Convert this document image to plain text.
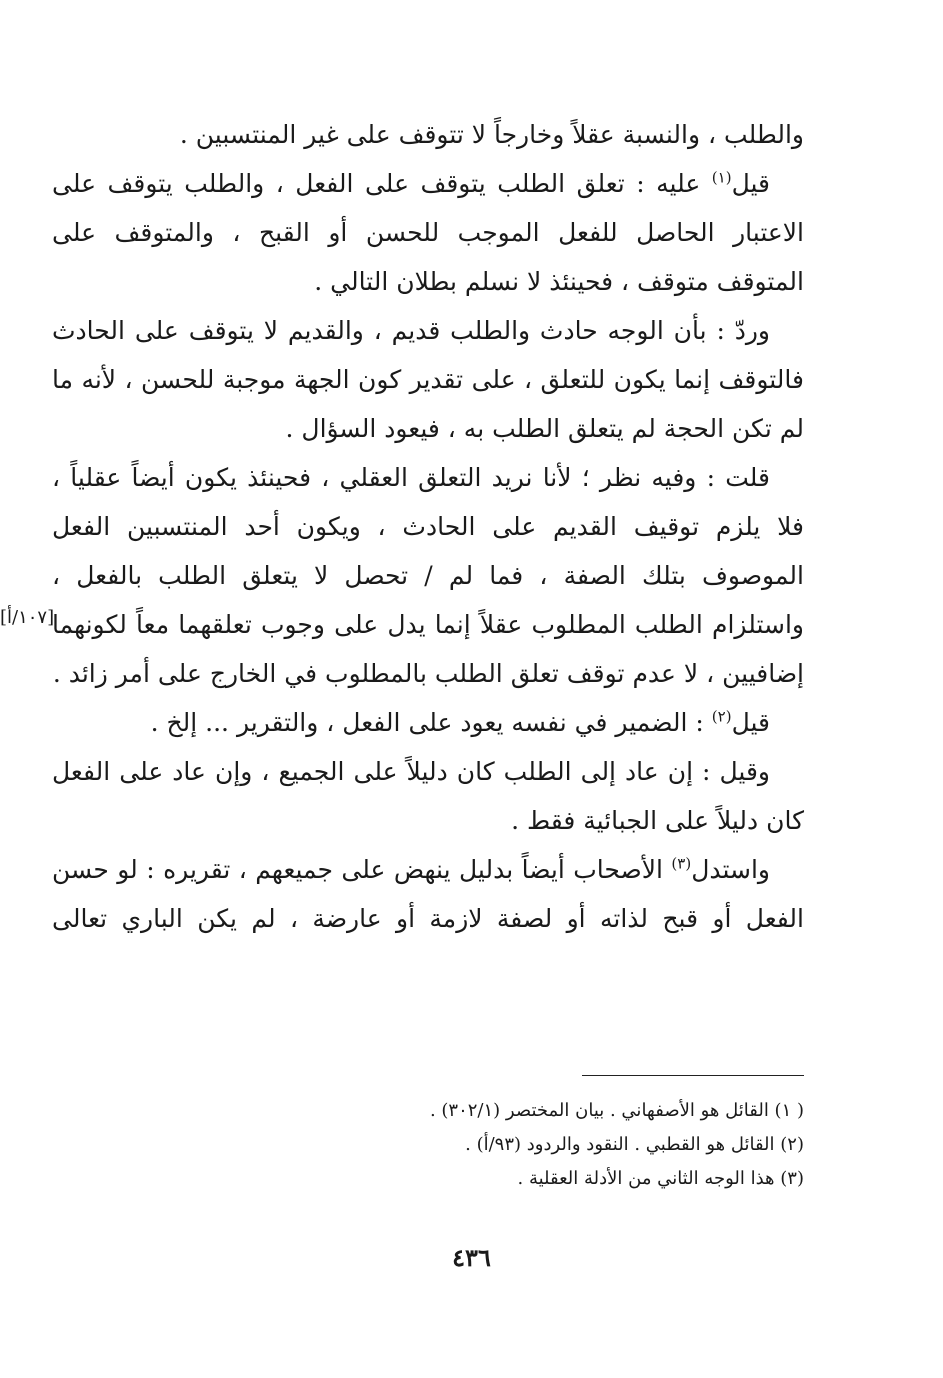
والطلب ، والنسبة عقلاً وخارجاً لا تتوقف على غير المنتسبين .

قيل$^{(١)}$ عليه : تعلق الطلب يتوقف على الفعل ، والطلب يتوقف على الاعتبار الحاصل للفعل الموجب للحسن أو القبح ، والمتوقف على المتوقف متوقف ، فحينئذ لا نسلم بطلان التالي .

وردّ : بأن الوجه حادث والطلب قديم ، والقديم لا يتوقف على الحادث فالتوقف إنما يكون للتعلق ، على تقدير كون الجهة موجبة للحسن ، لأنه ما لم تكن الحجة لم يتعلق الطلب به ، فيعود السؤال .

قلت : وفيه نظر ؛ لأنا نريد التعلق العقلي ، فحينئذ يكون أيضاً عقلياً ، فلا يلزم توقيف القديم على الحادث ، ويكون أحد المنتسبين الفعل الموصوف بتلك الصفة ، فما لم / تحصل لا يتعلق الطلب بالفعل ، واستلزام الطلب المطلوب عقلاً إنما يدل على وجوب تعلقهما معاً لكونهما إضافيين ، لا عدم توقف تعلق الطلب بالمطلوب في الخارج على أمر زائد .

قيل$^{(٢)}$ : الضمير في نفسه يعود على الفعل ، والتقرير ... إلخ .

وقيل : إن عاد إلى الطلب كان دليلاً على الجميع ، وإن عاد على الفعل كان دليلاً على الجبائية فقط .

واستدل$^{(٣)}$ الأصحاب أيضاً بدليل ينهض على جميعهم ، تقريره : لو حسن الفعل أو قبح لذاته أو لصفة لازمة أو عارضة ، لم يكن الباري تعالى

[١٠٧/أ]

( ١) القائل هو الأصفهاني . بيان المختصر (٣٠٢/١) .

(٢) القائل هو القطبي . النقود والردود (٩٣/أ) .

(٣) هذا الوجه الثاني من الأدلة العقلية .

٤٣٦
